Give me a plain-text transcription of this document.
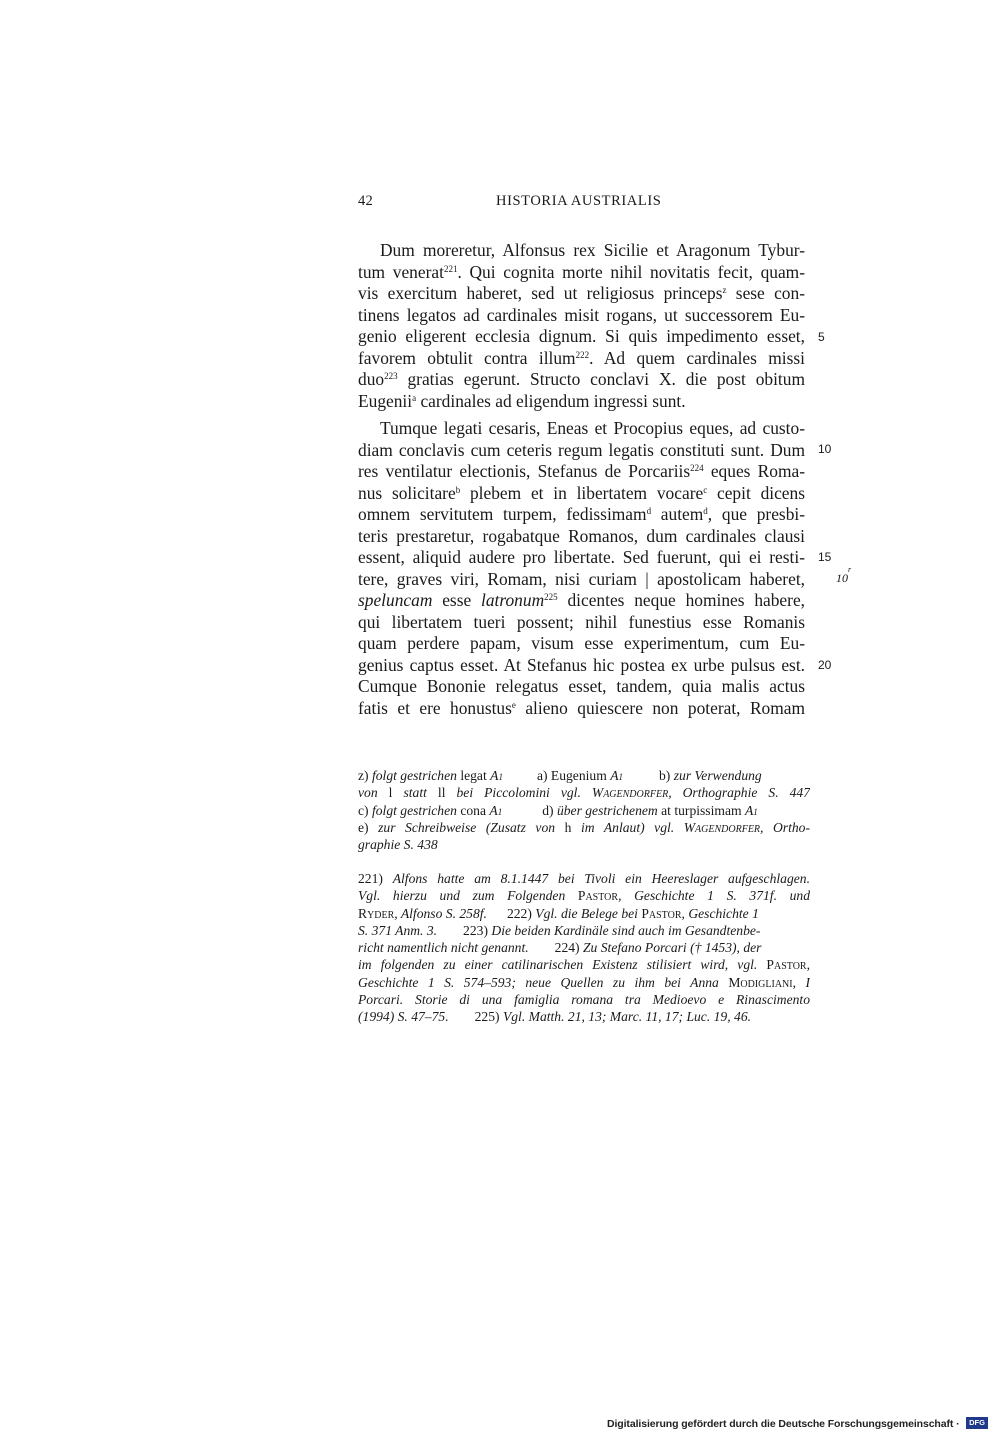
42	HISTORIA AUSTRIALIS
Dum moreretur, Alfonsus rex Sicilie et Aragonum Tybur-
tum venerat$^{221}$. Qui cognita morte nihil novitatis fecit, quam-
vis exercitum haberet, sed ut religiosus princeps$^z$ sese con-
tinens legatos ad cardinales misit rogans, ut successorem Eu-
genio eligerent ecclesia dignum. Si quis impedimento esset,
favorem obtulit contra illum$^{222}$. Ad quem cardinales missi
duo$^{223}$ gratias egerunt. Structo conclavi X. die post obitum
Eugenii$^a$ cardinales ad eligendum ingressi sunt.
Tumque legati cesaris, Eneas et Procopius eques, ad custo-
diam conclavis cum ceteris regum legatis constituti sunt. Dum
res ventilatur electionis, Stefanus de Porcariis$^{224}$ eques Roma-
nus solicitare$^b$ plebem et in libertatem vocare$^c$ cepit dicens
omnem servitutem turpem, fedissimam$^d$ autem$^d$, que presbi-
teris prestaretur, rogabatque Romanos, dum cardinales clausi
essent, aliquid audere pro libertate. Sed fuerunt, qui ei resti-
tere, graves viri, Romam, nisi curiam | apostolicam haberet,
speluncam esse latronum$^{225}$ dicentes neque homines habere,
qui libertatem tueri possent; nihil funestius esse Romanis
quam perdere papam, visum esse experimentum, cum Eu-
genius captus esset. At Stefanus hic postea ex urbe pulsus est.
Cumque Bononie relegatus esset, tandem, quia malis actus
fatis et ere honustus$^e$ alieno quiescere non poterat, Romam
5
10
15
10$^r$
20
z) folgt gestrichen legat A1	a) Eugenium A1	b) zur Verwendung
von l statt ll bei Piccolomini vgl. Wagendorfer, Orthographie S. 447
c) folgt gestrichen cona A1	d) über gestrichenem at turpissimam A1
e) zur Schreibweise (Zusatz von h im Anlaut) vgl. Wagendorfer, Ortho-
graphie S. 438
221) Alfons hatte am 8.1.1447 bei Tivoli ein Heereslager aufgeschlagen.
Vgl. hierzu und zum Folgenden Pastor, Geschichte 1 S. 371f. und
Ryder, Alfonso S. 258f. 222) Vgl. die Belege bei Pastor, Geschichte 1
S. 371 Anm. 3. 223) Die beiden Kardinäle sind auch im Gesandtenbe-
richt namentlich nicht genannt. 224) Zu Stefano Porcari († 1453), der
im folgenden zu einer catilinarischen Existenz stilisiert wird, vgl. Pastor,
Geschichte 1 S. 574–593; neue Quellen zu ihm bei Anna Modigliani, I
Porcari. Storie di una famiglia romana tra Medioevo e Rinascimento
(1994) S. 47–75. 225) Vgl. Matth. 21, 13; Marc. 11, 17; Luc. 19, 46.
Digitalisierung gefördert durch die Deutsche Forschungsgemeinschaft ·	DFG
